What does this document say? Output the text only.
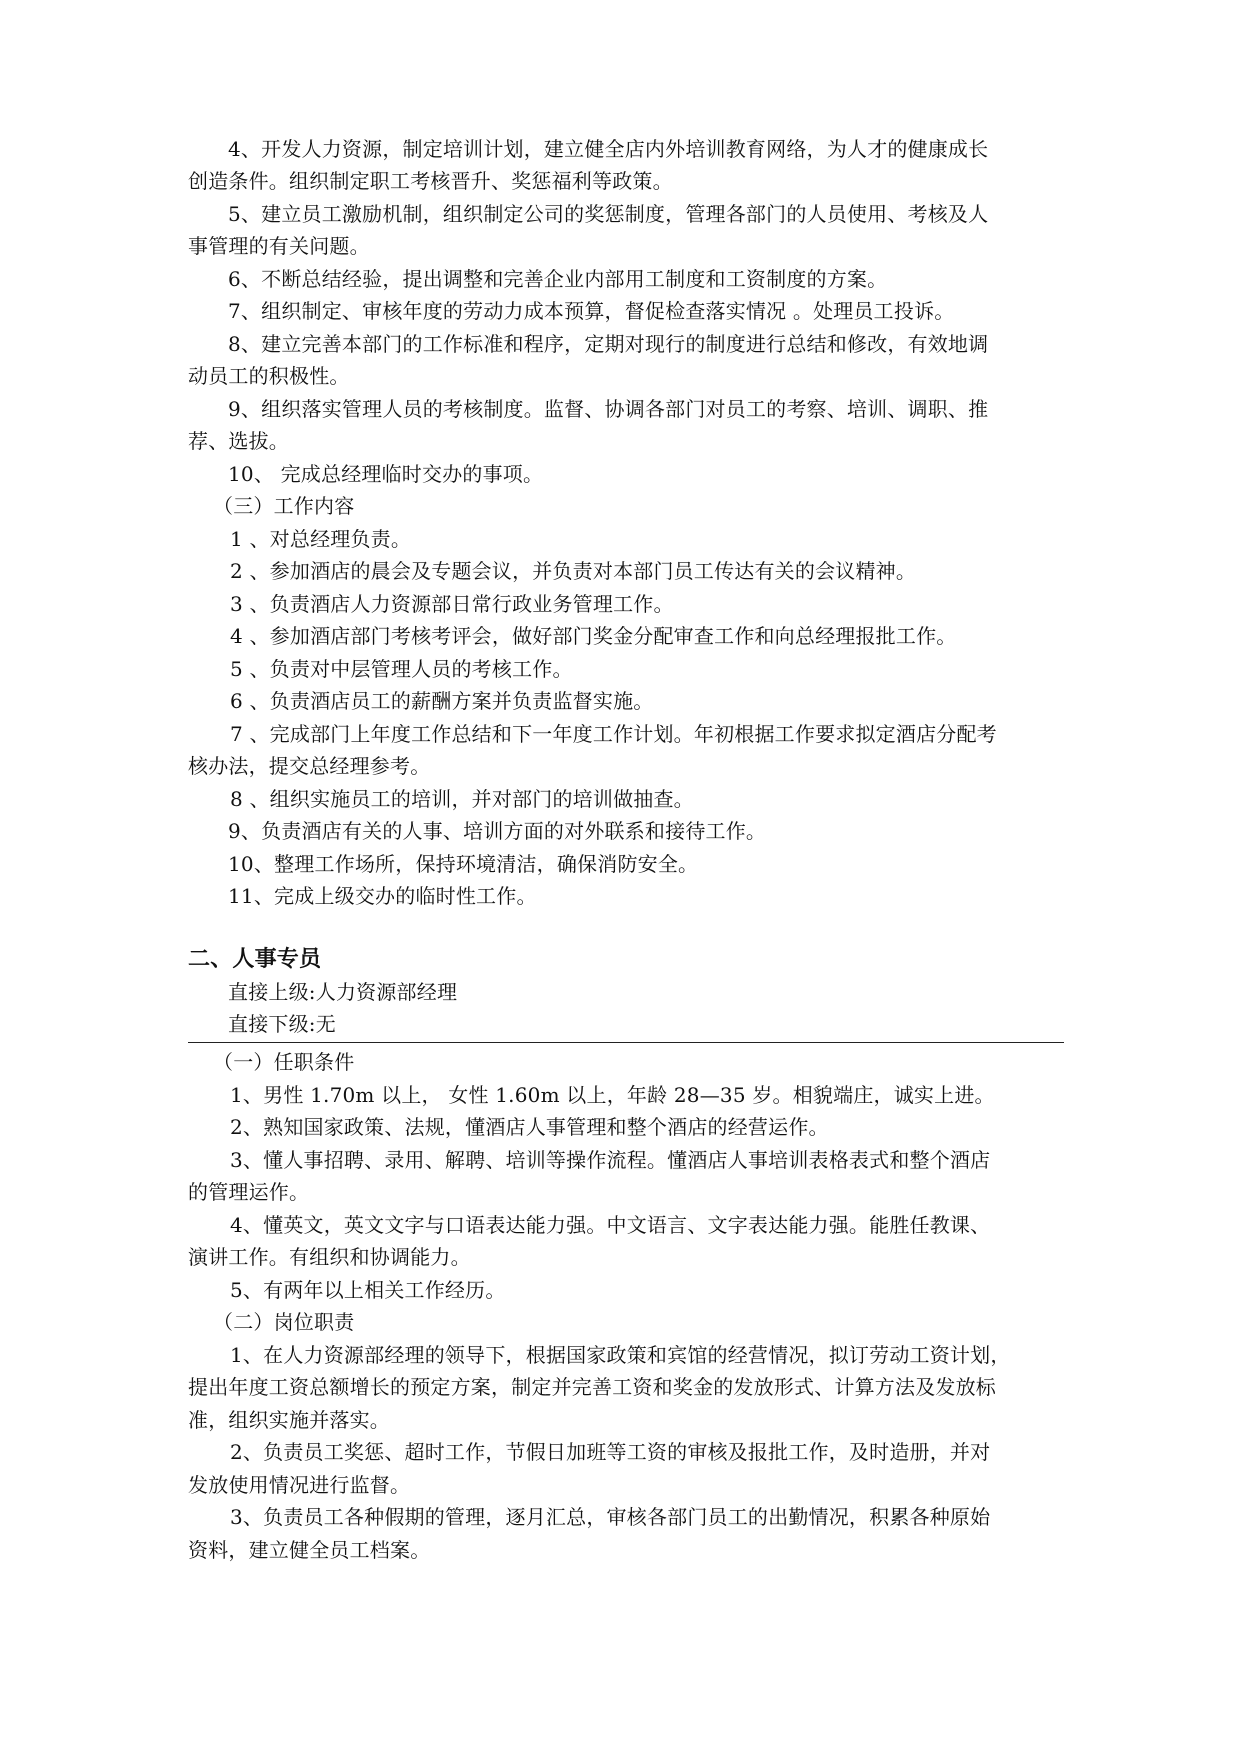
4、开发人力资源，制定培训计划，建立健全店内外培训教育网络，为人才的健康成长
创造条件。组织制定职工考核晋升、奖惩福利等政策。
5、建立员工激励机制，组织制定公司的奖惩制度，管理各部门的人员使用、考核及人
事管理的有关问题。
6、不断总结经验，提出调整和完善企业内部用工制度和工资制度的方案。
7、组织制定、审核年度的劳动力成本预算，督促检查落实情况 。处理员工投诉。
8、建立完善本部门的工作标准和程序，定期对现行的制度进行总结和修改，有效地调
动员工的积极性。
9、组织落实管理人员的考核制度。监督、协调各部门对员工的考察、培训、调职、推
荐、选拔。
10、 完成总经理临时交办的事项。
（三）工作内容
1 、对总经理负责。
2 、参加酒店的晨会及专题会议，并负责对本部门员工传达有关的会议精神。
3 、负责酒店人力资源部日常行政业务管理工作。
4 、参加酒店部门考核考评会，做好部门奖金分配审查工作和向总经理报批工作。
5 、负责对中层管理人员的考核工作。
6 、负责酒店员工的薪酬方案并负责监督实施。
7 、完成部门上年度工作总结和下一年度工作计划。年初根据工作要求拟定酒店分配考
核办法，提交总经理参考。
8 、组织实施员工的培训，并对部门的培训做抽查。
9、负责酒店有关的人事、培训方面的对外联系和接待工作。
10、整理工作场所，保持环境清洁，确保消防安全。
11、完成上级交办的临时性工作。
二、人事专员
直接上级:人力资源部经理
直接下级:无
（一）任职条件
1、男性 1.70m 以上， 女性 1.60m 以上，年龄 28—35 岁。相貌端庄，诚实上进。
2、熟知国家政策、法规，懂酒店人事管理和整个酒店的经营运作。
3、懂人事招聘、录用、解聘、培训等操作流程。懂酒店人事培训表格表式和整个酒店
的管理运作。
4、懂英文，英文文字与口语表达能力强。中文语言、文字表达能力强。能胜任教课、
演讲工作。有组织和协调能力。
5、有两年以上相关工作经历。
（二）岗位职责
1、在人力资源部经理的领导下，根据国家政策和宾馆的经营情况，拟订劳动工资计划，
提出年度工资总额增长的预定方案，制定并完善工资和奖金的发放形式、计算方法及发放标
准，组织实施并落实。
2、负责员工奖惩、超时工作，节假日加班等工资的审核及报批工作，及时造册，并对
发放使用情况进行监督。
3、负责员工各种假期的管理，逐月汇总，审核各部门员工的出勤情况，积累各种原始
资料，建立健全员工档案。
